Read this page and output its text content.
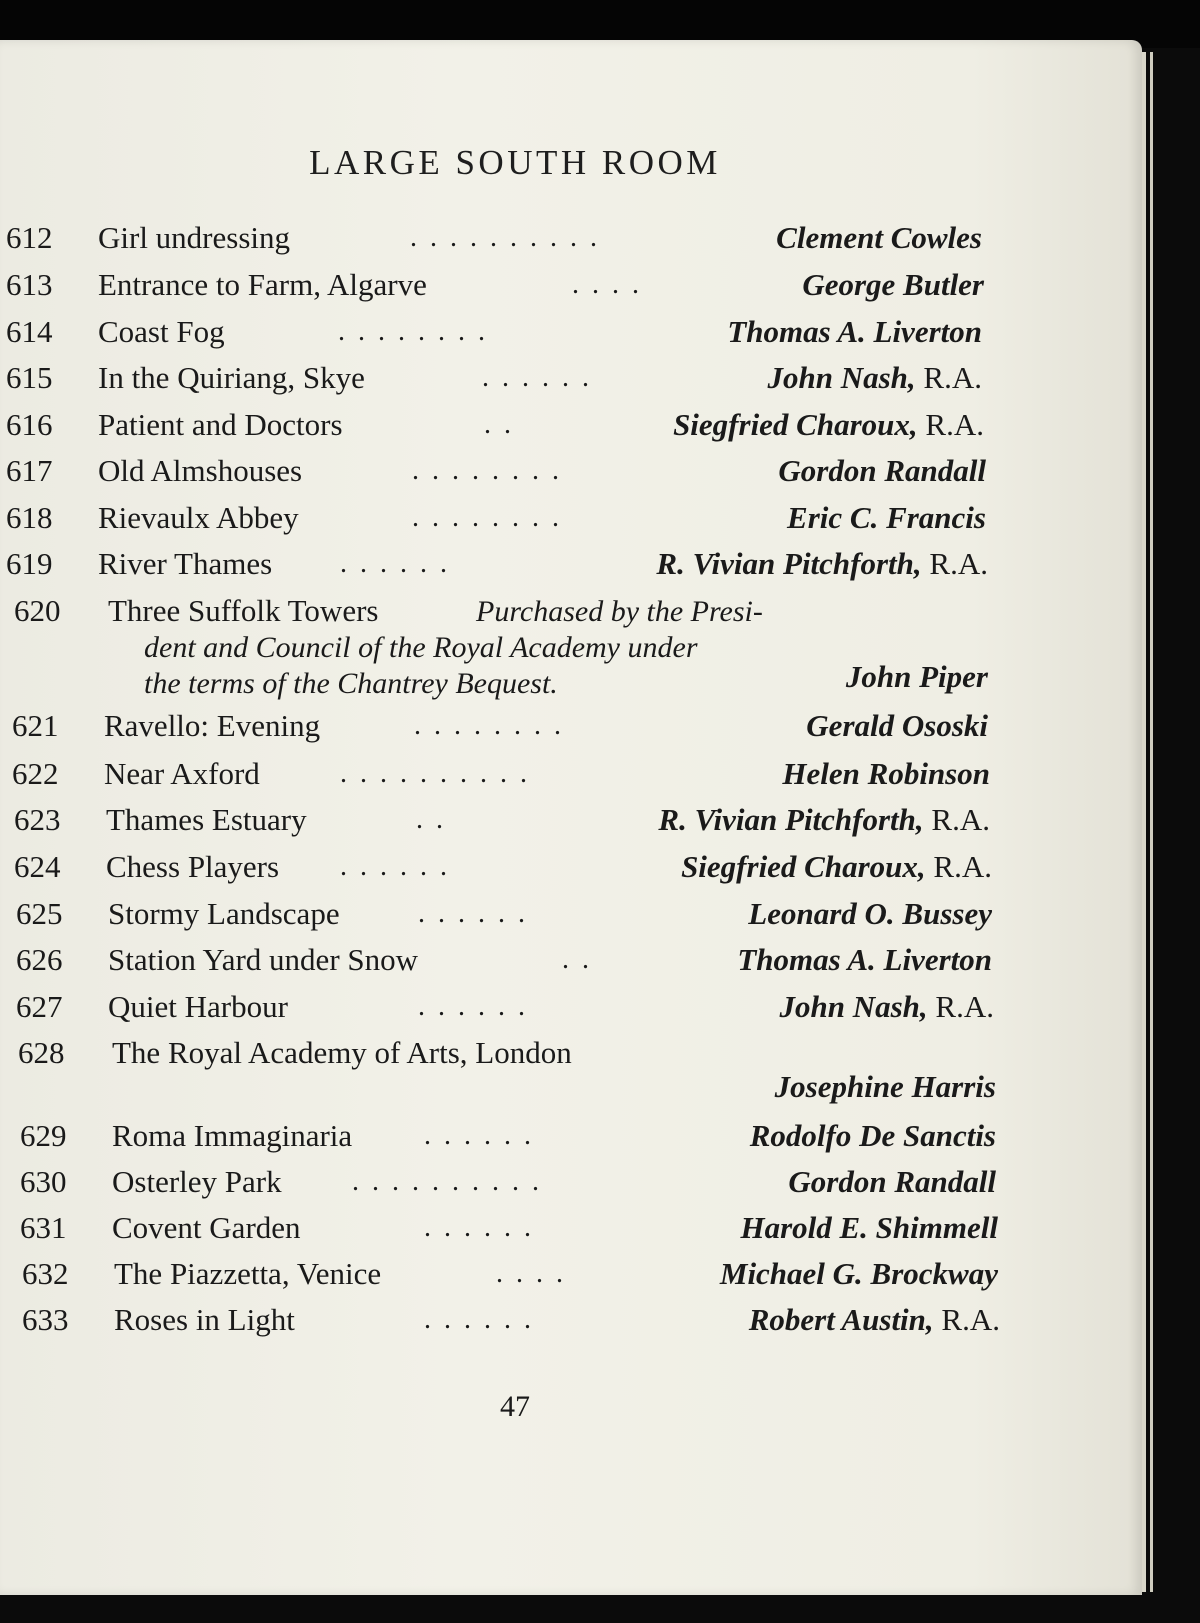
LARGE SOUTH ROOM
612	Girl undressing	. . . . . . . . . .	Clement Cowles
613	Entrance to Farm, Algarve	. . . .	George Butler
614	Coast Fog	. . . . . . . .	Thomas A. Liverton
615	In the Quiriang, Skye	. . . . . .	John Nash, R.A.
616	Patient and Doctors	. .	Siegfried Charoux, R.A.
617	Old Almshouses	. . . . . . . .	Gordon Randall
618	Rievaulx Abbey	. . . . . . . .	Eric C. Francis
619	River Thames . . . . . .	R. Vivian Pitchforth, R.A.
620	Three Suffolk Towers	Purchased by the Presi-
dent and Council of the Royal Academy under
the terms of the Chantrey Bequest.	John Piper
621	Ravello: Evening	. . . . . . . .	Gerald Ososki
622	Near Axford	. . . . . . . . . .	Helen Robinson
623	Thames Estuary	. .	R. Vivian Pitchforth, R.A.
624	Chess Players . . . . . .	Siegfried Charoux, R.A.
625	Stormy Landscape	. . . . . .	Leonard O. Bussey
626	Station Yard under Snow	. .	Thomas A. Liverton
627	Quiet Harbour	. . . . . .	John Nash, R.A.
628	The Royal Academy of Arts, London
Josephine Harris
629	Roma Immaginaria	. . . . . .	Rodolfo De Sanctis
630	Osterley Park	. . . . . . . . . .	Gordon Randall
631	Covent Garden	. . . . . .	Harold E. Shimmell
632	The Piazzetta, Venice	. . . .	Michael G. Brockway
633	Roses in Light	. . . . . .	Robert Austin, R.A.
47
